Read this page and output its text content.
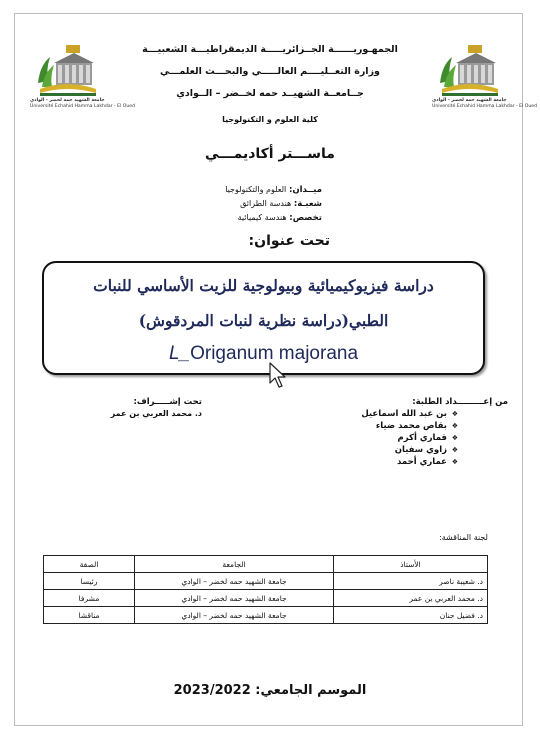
جامعة الشهيد حمه لخضر - الوادي
Université Echahid Hamma Lakhdar - El Oued
جامعة الشهيد حمه لخضر - الوادي
Université Echahid Hamma Lakhdar - El Oued
الجمهـوريــــــة الجــزائريـــــة الديمقراطيـــة الشعبيـــة
وزارة التعــليــــم العالـــــي والبحـــث العلمـــي
جــامعــة الشهيــد حمه لخــضر – الــوادي
كلية العلوم و التكنولوجيا
ماســـتر أكاديمـــي
ميــدان: العلوم والتكنولوجيا
شعبـة: هندسة الطرائق
تخصص: هندسة كيميائية
تحت عنوان:
دراسة فيزيوكيميائية وبيولوجية للزيت الأساسي للنبات
الطبي(دراسة نظرية لنبات المردقوش)
L_Origanum majorana
من إعـــــــــداد الطلبة:
❖بن عبد الله اسماعيل
❖بقاص محمد ضياء
❖قماري أكرم
❖زاوي سفيان
❖عماري أحمد
تحت إشـــــراف:
د. محمد العربي بن عمر
لجنة المناقشة:
الأستاذ	الجامعة	الصفة
د. شعيبة ناصر	جامعة الشهيد حمه لخضر – الوادي	رئيسا
د. محمد العربي بن عمر	جامعة الشهيد حمه لخضر – الوادي	مشرفا
د. فضيل حنان	جامعة الشهيد حمه لخضر – الوادي	مناقشا
الموسم الجامعي: 2023/2022
